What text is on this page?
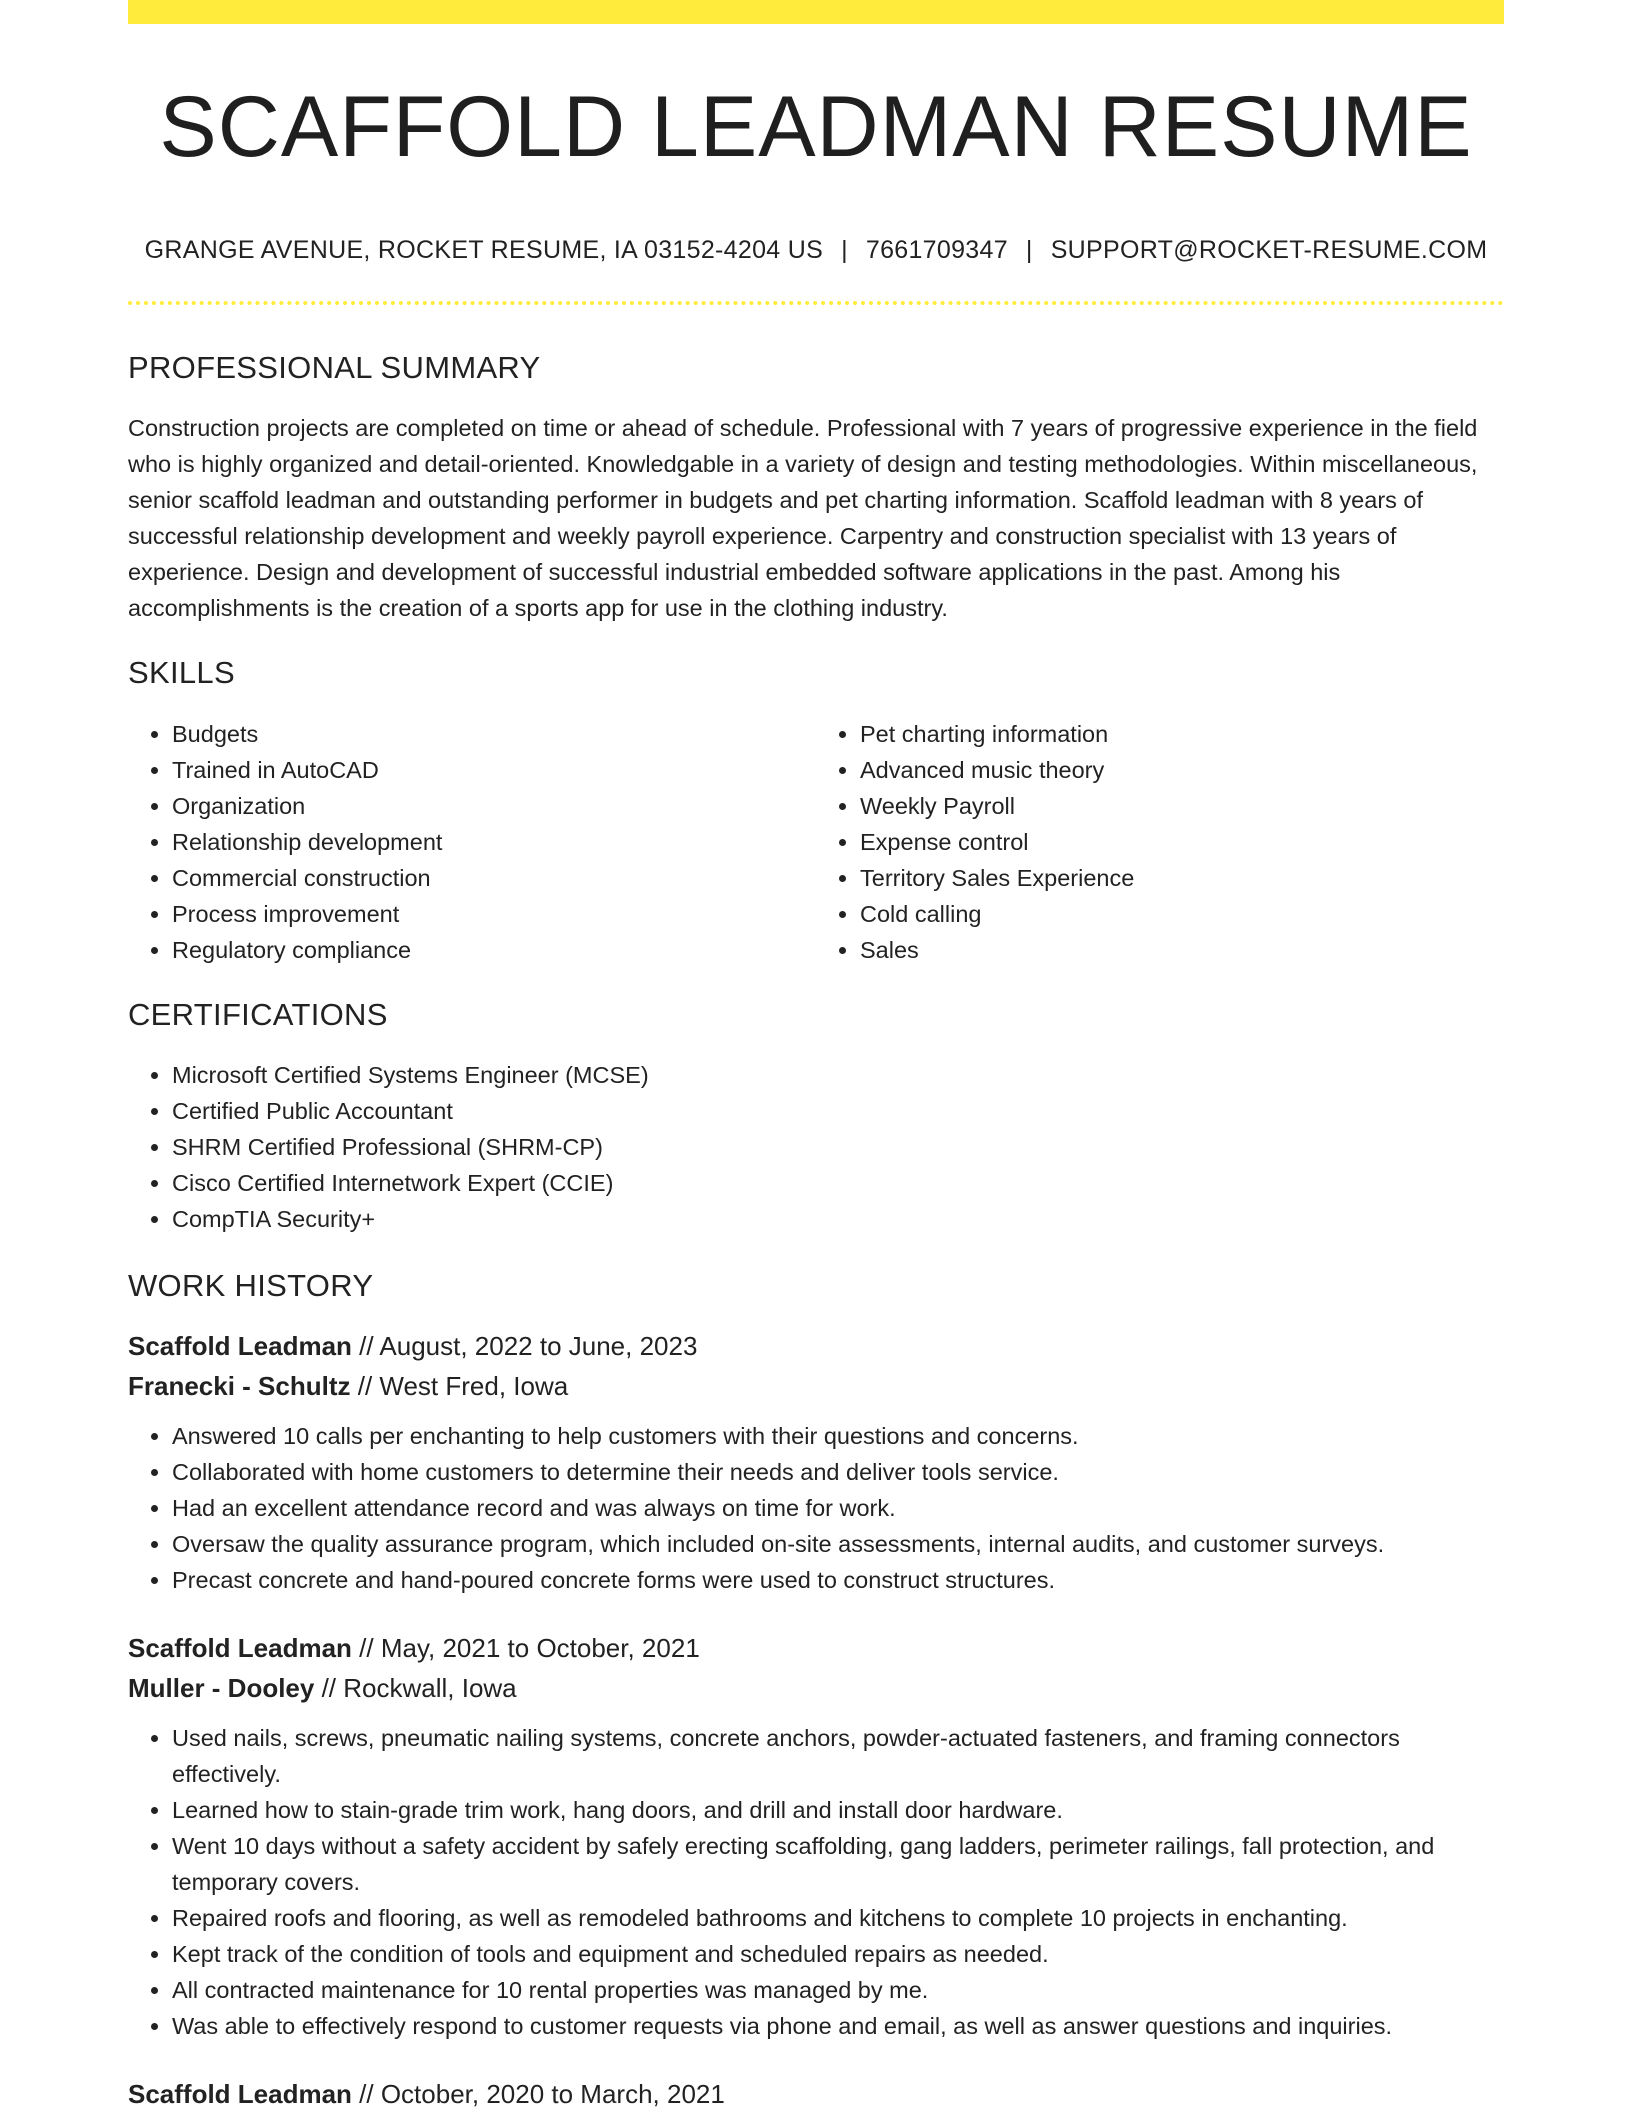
SCAFFOLD LEADMAN RESUME
GRANGE AVENUE, ROCKET RESUME, IA 03152-4204 US | 7661709347 | SUPPORT@ROCKET-RESUME.COM
PROFESSIONAL SUMMARY

Construction projects are completed on time or ahead of schedule. Professional with 7 years of progressive experience in the field who is highly organized and detail-oriented. Knowledgable in a variety of design and testing methodologies. Within miscellaneous, senior scaffold leadman and outstanding performer in budgets and pet charting information. Scaffold leadman with 8 years of successful relationship development and weekly payroll experience. Carpentry and construction specialist with 13 years of experience. Design and development of successful industrial embedded software applications in the past. Among his accomplishments is the creation of a sports app for use in the clothing industry.

SKILLS
• Budgets
• Trained in AutoCAD
• Organization
• Relationship development
• Commercial construction
• Process improvement
• Regulatory compliance
• Pet charting information
• Advanced music theory
• Weekly Payroll
• Expense control
• Territory Sales Experience
• Cold calling
• Sales
CERTIFICATIONS
• Microsoft Certified Systems Engineer (MCSE)
• Certified Public Accountant
• SHRM Certified Professional (SHRM-CP)
• Cisco Certified Internetwork Expert (CCIE)
• CompTIA Security+
WORK HISTORY
Scaffold Leadman // August, 2022 to June, 2023
Franecki - Schultz // West Fred, Iowa
• Answered 10 calls per enchanting to help customers with their questions and concerns.
• Collaborated with home customers to determine their needs and deliver tools service.
• Had an excellent attendance record and was always on time for work.
• Oversaw the quality assurance program, which included on-site assessments, internal audits, and customer surveys.
• Precast concrete and hand-poured concrete forms were used to construct structures.
Scaffold Leadman // May, 2021 to October, 2021
Muller - Dooley // Rockwall, Iowa
• Used nails, screws, pneumatic nailing systems, concrete anchors, powder-actuated fasteners, and framing connectors effectively.
• Learned how to stain-grade trim work, hang doors, and drill and install door hardware.
• Went 10 days without a safety accident by safely erecting scaffolding, gang ladders, perimeter railings, fall protection, and temporary covers.
• Repaired roofs and flooring, as well as remodeled bathrooms and kitchens to complete 10 projects in enchanting.
• Kept track of the condition of tools and equipment and scheduled repairs as needed.
• All contracted maintenance for 10 rental properties was managed by me.
• Was able to effectively respond to customer requests via phone and email, as well as answer questions and inquiries.
Scaffold Leadman // October, 2020 to March, 2021
